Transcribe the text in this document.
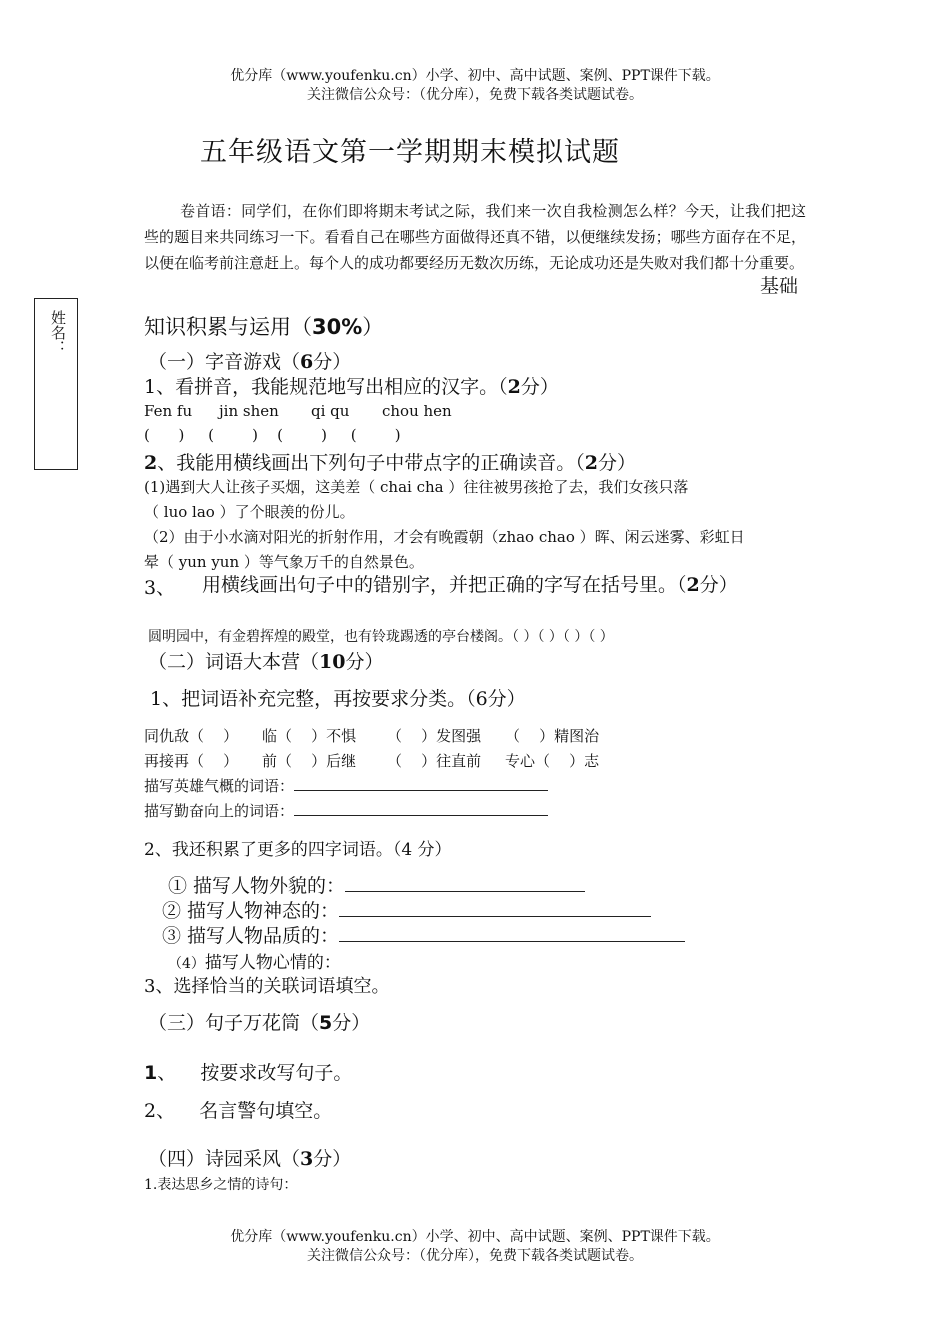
优分库（www.youfenku.cn）小学、初中、高中试题、案例、PPT课件下载。
关注微信公众号：（优分库），免费下载各类试题试卷。
姓名：
五年级语文第一学期期末模拟试题
卷首语：同学们，在你们即将期末考试之际，我们来一次自我检测怎么样？今天，让我们把这些的题目来共同练习一下。看看自己在哪些方面做得还真不错，以便继续发扬；哪些方面存在不足，以便在临考前注意赶上。每个人的成功都要经历无数次历练，无论成功还是失败对我们都十分重要。
基础
知识积累与运用（30%）
（一）字音游戏（6分）
1、看拼音，我能规范地写出相应的汉字。（2分）
Fen fu jin shen qi qu chou hen
(      )     (        )    (        )     (        )
2、我能用横线画出下列句子中带点字的正确读音。（2分）
(1)遇到大人让孩子买烟，这美差（ chai cha ）往往被男孩抢了去，我们女孩只落
（ luo lao ）了个眼羡的份儿。
（2）由于小水滴对阳光的折射作用，才会有晚霞朝（zhao chao ）晖、闲云迷雾、彩虹日
晕（ yun yun ）等气象万千的自然景色。
3、 用横线画出句子中的错别字，并把正确的字写在括号里。（2分）
圆明园中，有金碧挥煌的殿堂，也有铃珑踢透的亭台楼阁。（ ）（ ）（ ）（ ）
（二）词语大本营（10分）
1、把词语补充完整，再按要求分类。（6分）
同仇敌（    ） 临（    ）不惧 （    ）发图强 （    ）精图治
再接再（    ） 前（    ）后继 （    ）往直前 专心（    ）志
描写英雄气概的词语：
描写勤奋向上的词语：
2、我还积累了更多的四字词语。（4 分）
① 描写人物外貌的：
② 描写人物神态的：
③ 描写人物品质的：
（4）描写人物心情的：
3、选择恰当的关联词语填空。
（三）句子万花筒（5分）
1、    按要求改写句子。
2、    名言警句填空。
（四）诗园采风（3分）
1.表达思乡之情的诗句：
优分库（www.youfenku.cn）小学、初中、高中试题、案例、PPT课件下载。
关注微信公众号：（优分库），免费下载各类试题试卷。
